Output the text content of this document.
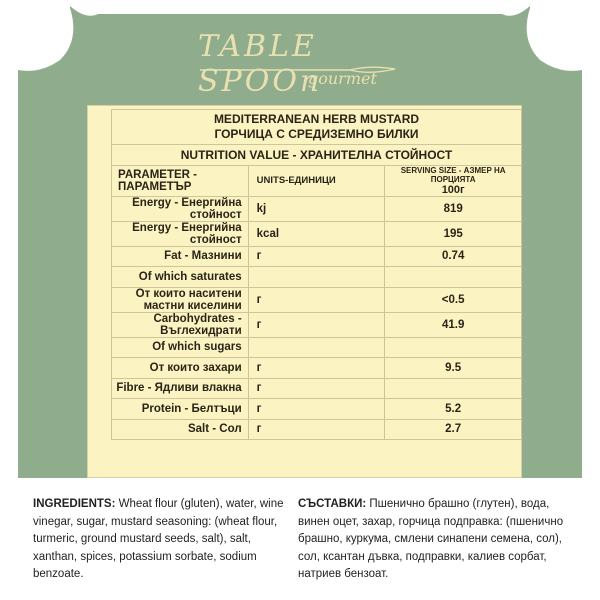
TABLE SPOOn
gourmet
MEDITERRANEAN HERB MUSTARD
ГОРЧИЦА С СРЕДИЗЕМНО БИЛКИ		
NUTRITION VALUE - ХРАНИТЕЛНА СТОЙНОСТ		
PARAMETER - ПАРАМЕТЪР	UNITS-ЕДИНИЦИ	SERVING SIZE - АЗМЕР НА ПОРЦИЯТА
100г

Energy - Енергийна стойност	kj	819
Energy - Енергийна стойност	kcal	195
Fat - Мазнини	г	0.74
Of which saturates		
От които наситени мастни киселини	г	<0.5
Carbohydrates - Въглехидрати	г	41.9
Of which sugars		
От които захари	г	9.5
Fibre - Ядливи влакна	г	
Protein - Белтъци	г	5.2
Salt - Сол	г	2.7

INGREDIENTS: Wheat flour (gluten), water, wine vinegar, sugar, mustard seasoning: (wheat flour, turmeric, ground mustard seeds, salt), salt, xanthan, spices, potassium sorbate, sodium benzoate.
СЪСТАВКИ: Пшенично брашно (глутен), вода, винен оцет, захар, горчица подправка: (пшенично брашно, куркума, смлени синапени семена, сол), сол, ксантан дъвка, подправки, калиев сорбат, натриев бензоат.
